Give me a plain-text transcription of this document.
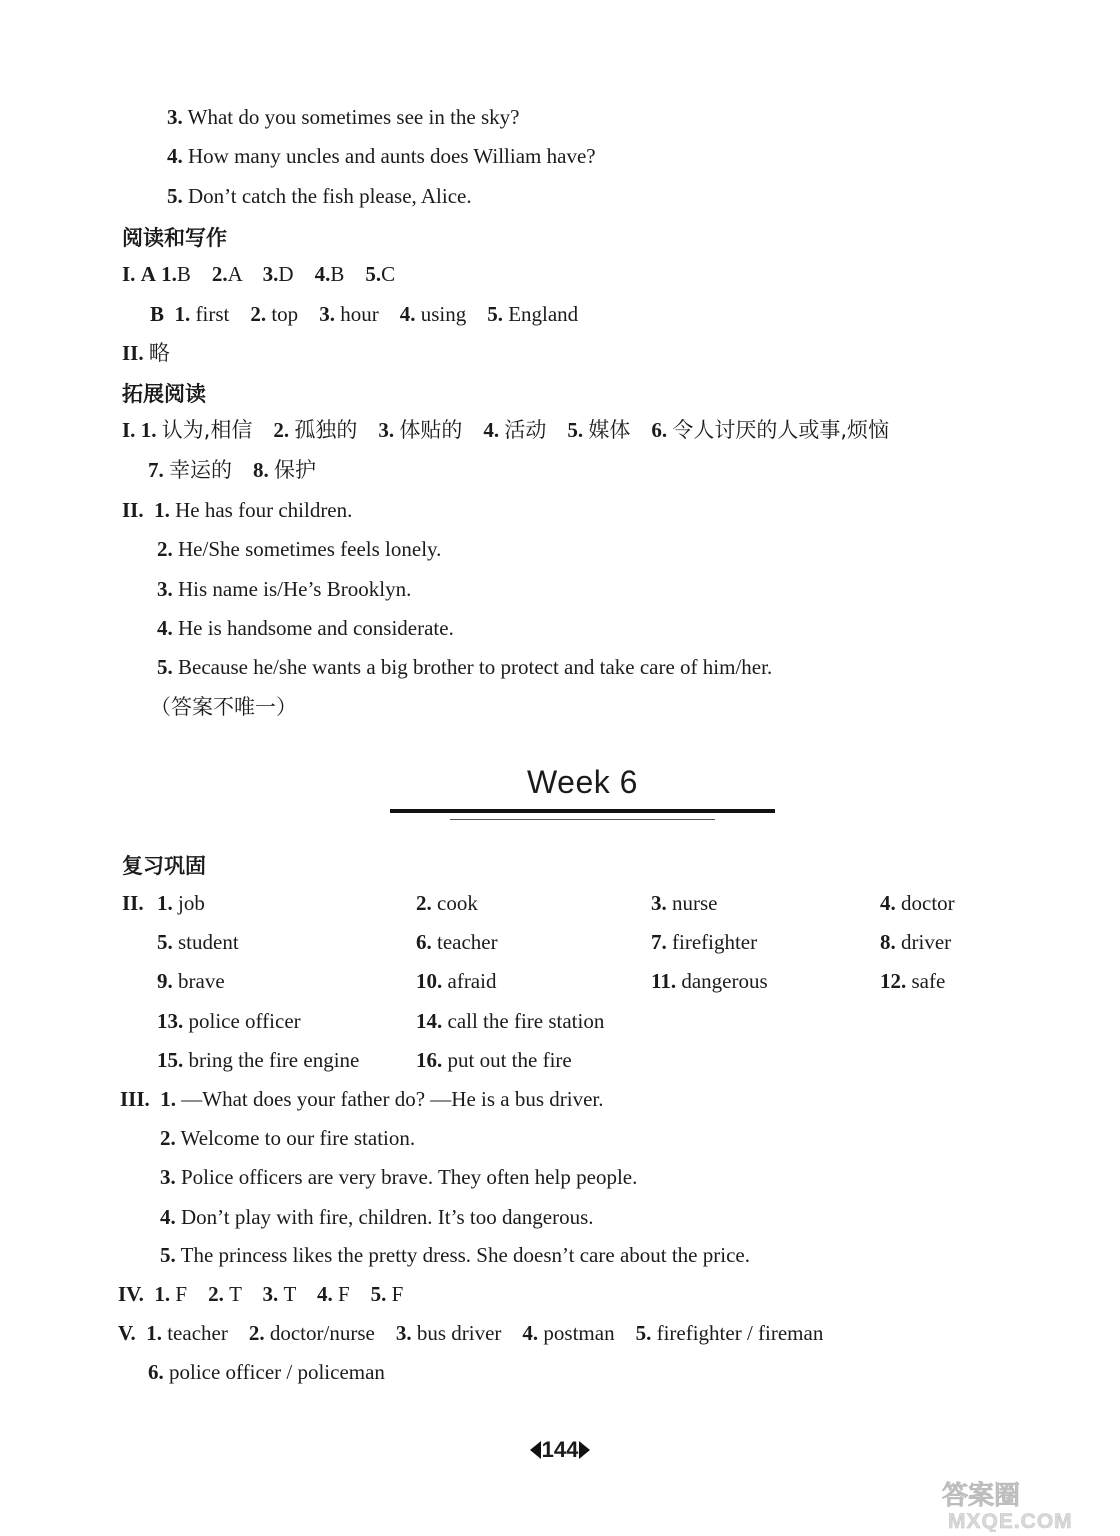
3. What do you sometimes see in the sky?
4. How many uncles and aunts does William have?
5. Don’t catch the fish please, Alice.
阅读和写作
I. A 1.B 2.A 3.D 4.B 5.C
B 1. first 2. top 3. hour 4. using 5. England
II. 略
拓展阅读
I. 1. 认为,相信 2. 孤独的 3. 体贴的 4. 活动 5. 媒体 6. 令人讨厌的人或事,烦恼
7. 幸运的 8. 保护
II. 1. He has four children.
2. He/She sometimes feels lonely.
3. His name is/He’s Brooklyn.
4. He is handsome and considerate.
5. Because he/she wants a big brother to protect and take care of him/her.
（答案不唯一）
Week 6
复习巩固
II. 1. job	2. cook	3. nurse	4. doctor
5. student	6. teacher	7. firefighter	8. driver
9. brave	10. afraid	11. dangerous	12. safe
13. police officer	14. call the fire station
15. bring the fire engine	16. put out the fire
III. 1. —What does your father do? —He is a bus driver.
2. Welcome to our fire station.
3. Police officers are very brave. They often help people.
4. Don’t play with fire, children. It’s too dangerous.
5. The princess likes the pretty dress. She doesn’t care about the price.
IV. 1. F 2. T 3. T 4. F 5. F
V. 1. teacher 2. doctor/nurse 3. bus driver 4. postman 5. firefighter / fireman
6. police officer / policeman
144
答案圈
MXQE.COM
